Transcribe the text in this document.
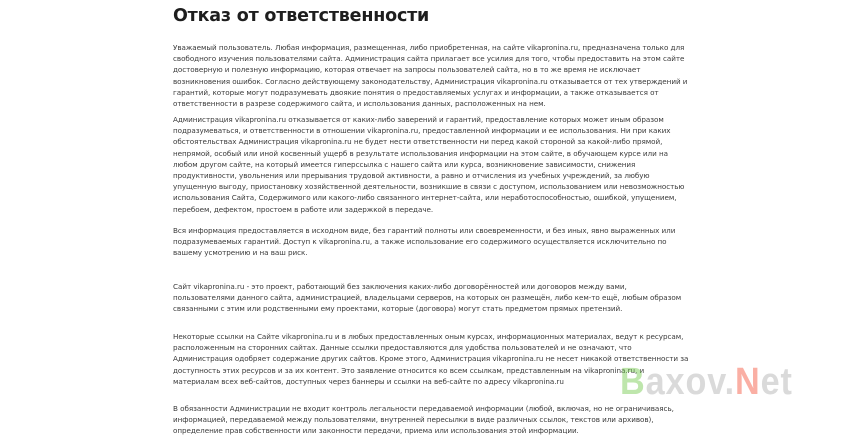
Отказ от ответственности

Уважаемый пользователь. Любая информация, размещенная, либо приобретенная, на сайте vikapronina.ru, предназначена только для
свободного изучения пользователями сайта. Администрация сайта прилагает все усилия для того, чтобы предоставить на этом сайте
достоверную и полезную информацию, которая отвечает на запросы пользователей сайта, но в то же время не исключает
возникновения ошибок. Согласно действующему законодательству, Администрация vikapronina.ru отказывается от тех утверждений и
гарантий, которые могут подразумевать двоякие понятия о предоставляемых услугах и информации, а также отказывается от
ответственности в разрезе содержимого сайта, и использования данных, расположенных на нем.

Администрация vikapronina.ru отказывается от каких-либо заверений и гарантий, предоставление которых может иным образом
подразумеваться, и ответственности в отношении vikapronina.ru, предоставленной информации и ее использования. Ни при каких
обстоятельствах Администрация vikapronina.ru не будет нести ответственности ни перед какой стороной за какой-либо прямой,
непрямой, особый или иной косвенный ущерб в результате использования информации на этом сайте, в обучающем курсе или на
любом другом сайте, на который имеется гиперссылка с нашего сайта или курса, возникновение зависимости, снижения
продуктивности, увольнения или прерывания трудовой активности, а равно и отчисления из учебных учреждений, за любую
упущенную выгоду, приостановку хозяйственной деятельности, возникшие в связи с доступом, использованием или невозможностью
использования Сайта, Содержимого или какого-либо связанного интернет-сайта, или неработоспособностью, ошибкой, упущением,
перебоем, дефектом, простоем в работе или задержкой в передаче.

Вся информация предоставляется в исходном виде, без гарантий полноты или своевременности, и без иных, явно выраженных или
подразумеваемых гарантий. Доступ к vikapronina.ru, а также использование его содержимого осуществляется исключительно по
вашему усмотрению и на ваш риск.

Сайт vikapronina.ru - это проект, работающий без заключения каких-либо договорённостей или договоров между вами,
пользователями данного сайта, администрацией, владельцами серверов, на которых он размещён, либо кем-то ещё, любым образом
связанными с этим или родственными ему проектами, которые (договора) могут стать предметом прямых претензий.

Некоторые ссылки на Сайте vikapronina.ru и в любых предоставленных оным курсах, информационных материалах, ведут к ресурсам,
расположенным на сторонних сайтах. Данные ссылки предоставляются для удобства пользователей и не означают, что
Администрация одобряет содержание других сайтов. Кроме этого, Администрация vikapronina.ru не несет никакой ответственности за
доступность этих ресурсов и за их контент. Это заявление относится ко всем ссылкам, представленным на vikapronina.ru, и
материалам всех веб-сайтов, доступных через баннеры и ссылки на веб-сайте по адресу vikapronina.ru

В обязанности Администрации не входит контроль легальности передаваемой информации (любой, включая, но не ограничиваясь,
информацией, передаваемой между пользователями, внутренней пересылки в виде различных ссылок, текстов или архивов),
определение прав собственности или законности передачи, приема или использования этой информации.

Baxov.Net
